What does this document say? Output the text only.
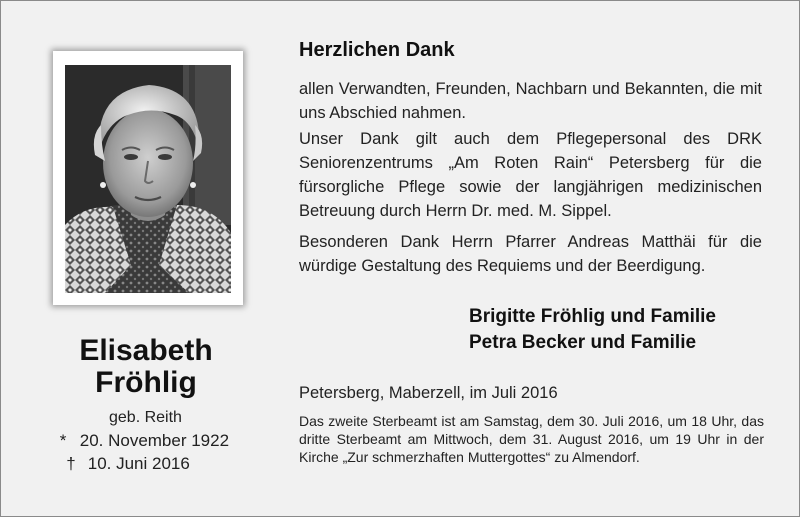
Elisabeth
Fröhlig
geb. Reith
* 20. November 1922
† 10. Juni 2016
Herzlichen Dank
allen Verwandten, Freunden, Nachbarn und Bekannten, die mit uns Abschied nahmen.
Unser Dank gilt auch dem Pflegepersonal des DRK Seniorenzentrums „Am Roten Rain“ Petersberg für die fürsorgliche Pflege sowie der langjährigen medizinischen Betreuung durch Herrn Dr. med. M. Sippel.
Besonderen Dank Herrn Pfarrer Andreas Matthäi für die würdige Gestaltung des Requiems und der Beerdigung.
Brigitte Fröhlig und Familie
Petra Becker und Familie
Petersberg, Maberzell, im Juli 2016
Das zweite Sterbeamt ist am Samstag, dem 30. Juli 2016, um 18 Uhr, das dritte Sterbeamt am Mittwoch, dem 31. August 2016, um 19 Uhr in der Kirche „Zur schmerzhaften Muttergottes“ zu Almendorf.
